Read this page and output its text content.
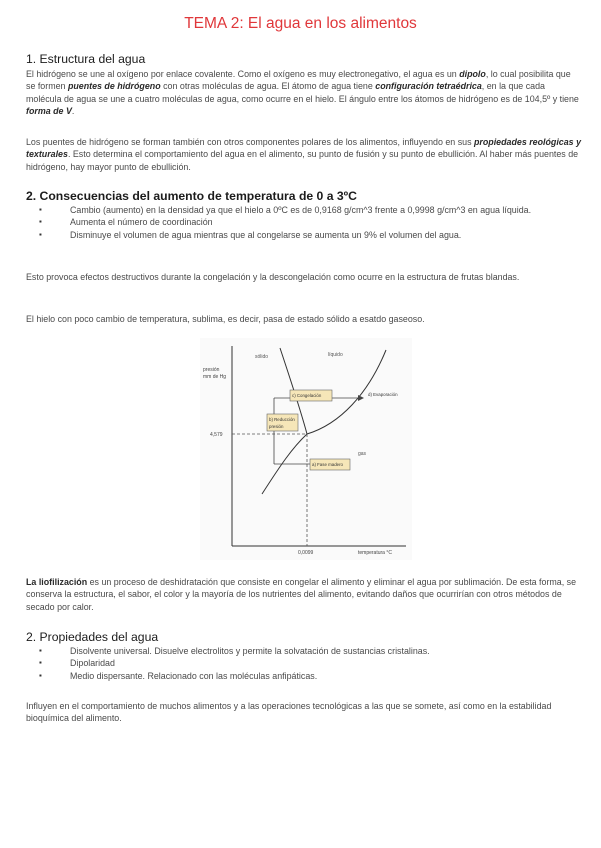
TEMA 2: El agua en los alimentos
1. Estructura del agua

El hidrógeno se une al oxígeno por enlace covalente. Como el oxígeno es muy electronegativo, el agua es un dipolo, lo cual posibilita que se formen puentes de hidrógeno con otras moléculas de agua. El átomo de agua tiene configuración tetraédrica, en la que cada molécula de agua se une a cuatro moléculas de agua, como ocurre en el hielo. El ángulo entre los átomos de hidrógeno es de 104,5º y tiene forma de V.

Los puentes de hidrógeno se forman también con otros componentes polares de los alimentos, influyendo en sus propiedades reológicas y texturales. Esto determina el comportamiento del agua en el alimento, su punto de fusión y su punto de ebullición. Al haber más puentes de hidrógeno, hay mayor punto de ebullición.

2. Consecuencias del aumento de temperatura de 0 a 3ºC
▪ Cambio (aumento) en la densidad ya que el hielo a 0ºC es de 0,9168 g/cm^3 frente a 0,9998 g/cm^3 en agua líquida.
▪ Aumenta el número de coordinación
▪ Disminuye el volumen de agua mientras que al congelarse se aumenta un 9% el volumen del agua.

Esto provoca efectos destructivos durante la congelación y la descongelación como ocurre en la estructura de frutas blandas.

El hielo con poco cambio de temperatura, sublima, es decir, pasa de estado sólido a esatdo gaseoso.

presión
mm de Hg
4,579
0,0099	temperatura °C
sólido	líquido
gas
c) Congelación	d) Evaporación
b) Reducción
presión
a) Fase madero

La liofilización es un proceso de deshidratación que consiste en congelar el alimento y eliminar el agua por sublimación. De esta forma, se conserva la estructura, el sabor, el color y la mayoría de los nutrientes del alimento, evitando daños que ocurrirían con otros métodos de secado por calor.

2. Propiedades del agua
▪ Disolvente universal. Disuelve electrolitos y permite la solvatación de sustancias cristalinas.
▪ Dipolaridad
▪ Medio dispersante. Relacionado con las moléculas anfipáticas.

Influyen en el comportamiento de muchos alimentos y a las operaciones tecnológicas a las que se somete, así como en la estabilidad bioquímica del alimento.
